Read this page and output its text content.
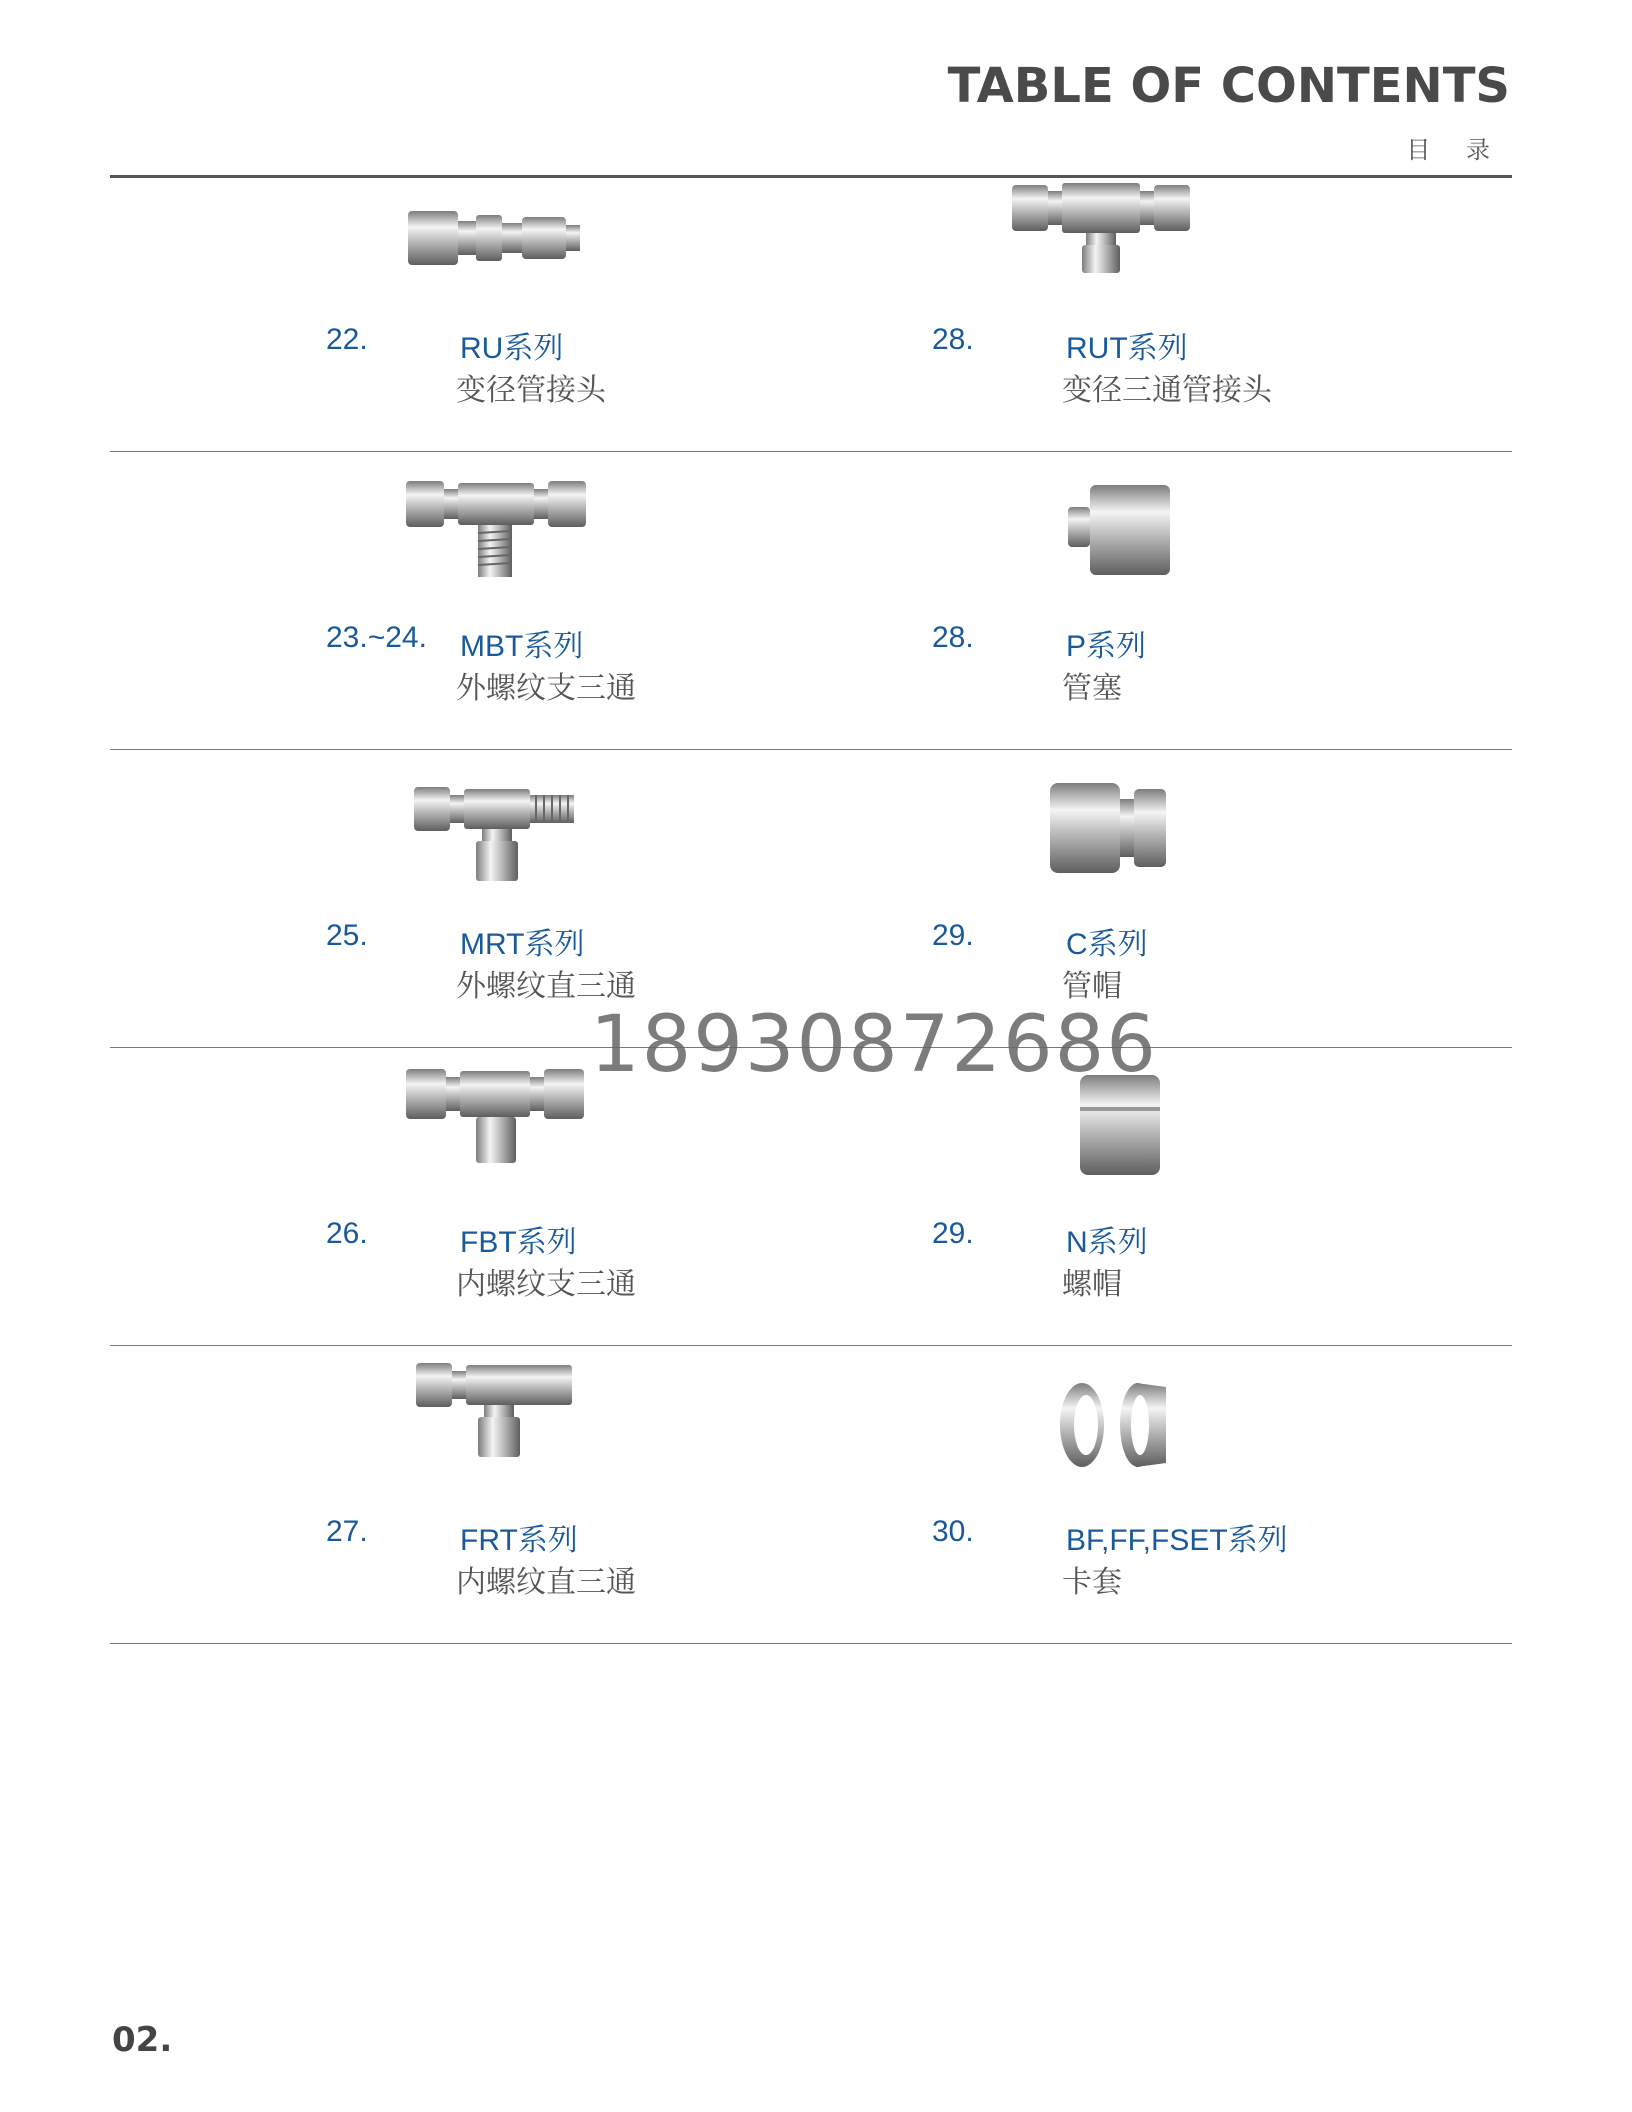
TABLE OF CONTENTS
目 录
22.	RU系列
变径管接头
28.	RUT系列
变径三通管接头
23.~24. MBT系列
外螺纹支三通
28.	P系列
管塞
25.	MRT系列
外螺纹直三通
29.	C系列
管帽
26.	FBT系列
内螺纹支三通
29.	N系列
螺帽
27.	FRT系列
内螺纹直三通
30.	BF,FF,FSET系列
卡套
18930872686
02.
